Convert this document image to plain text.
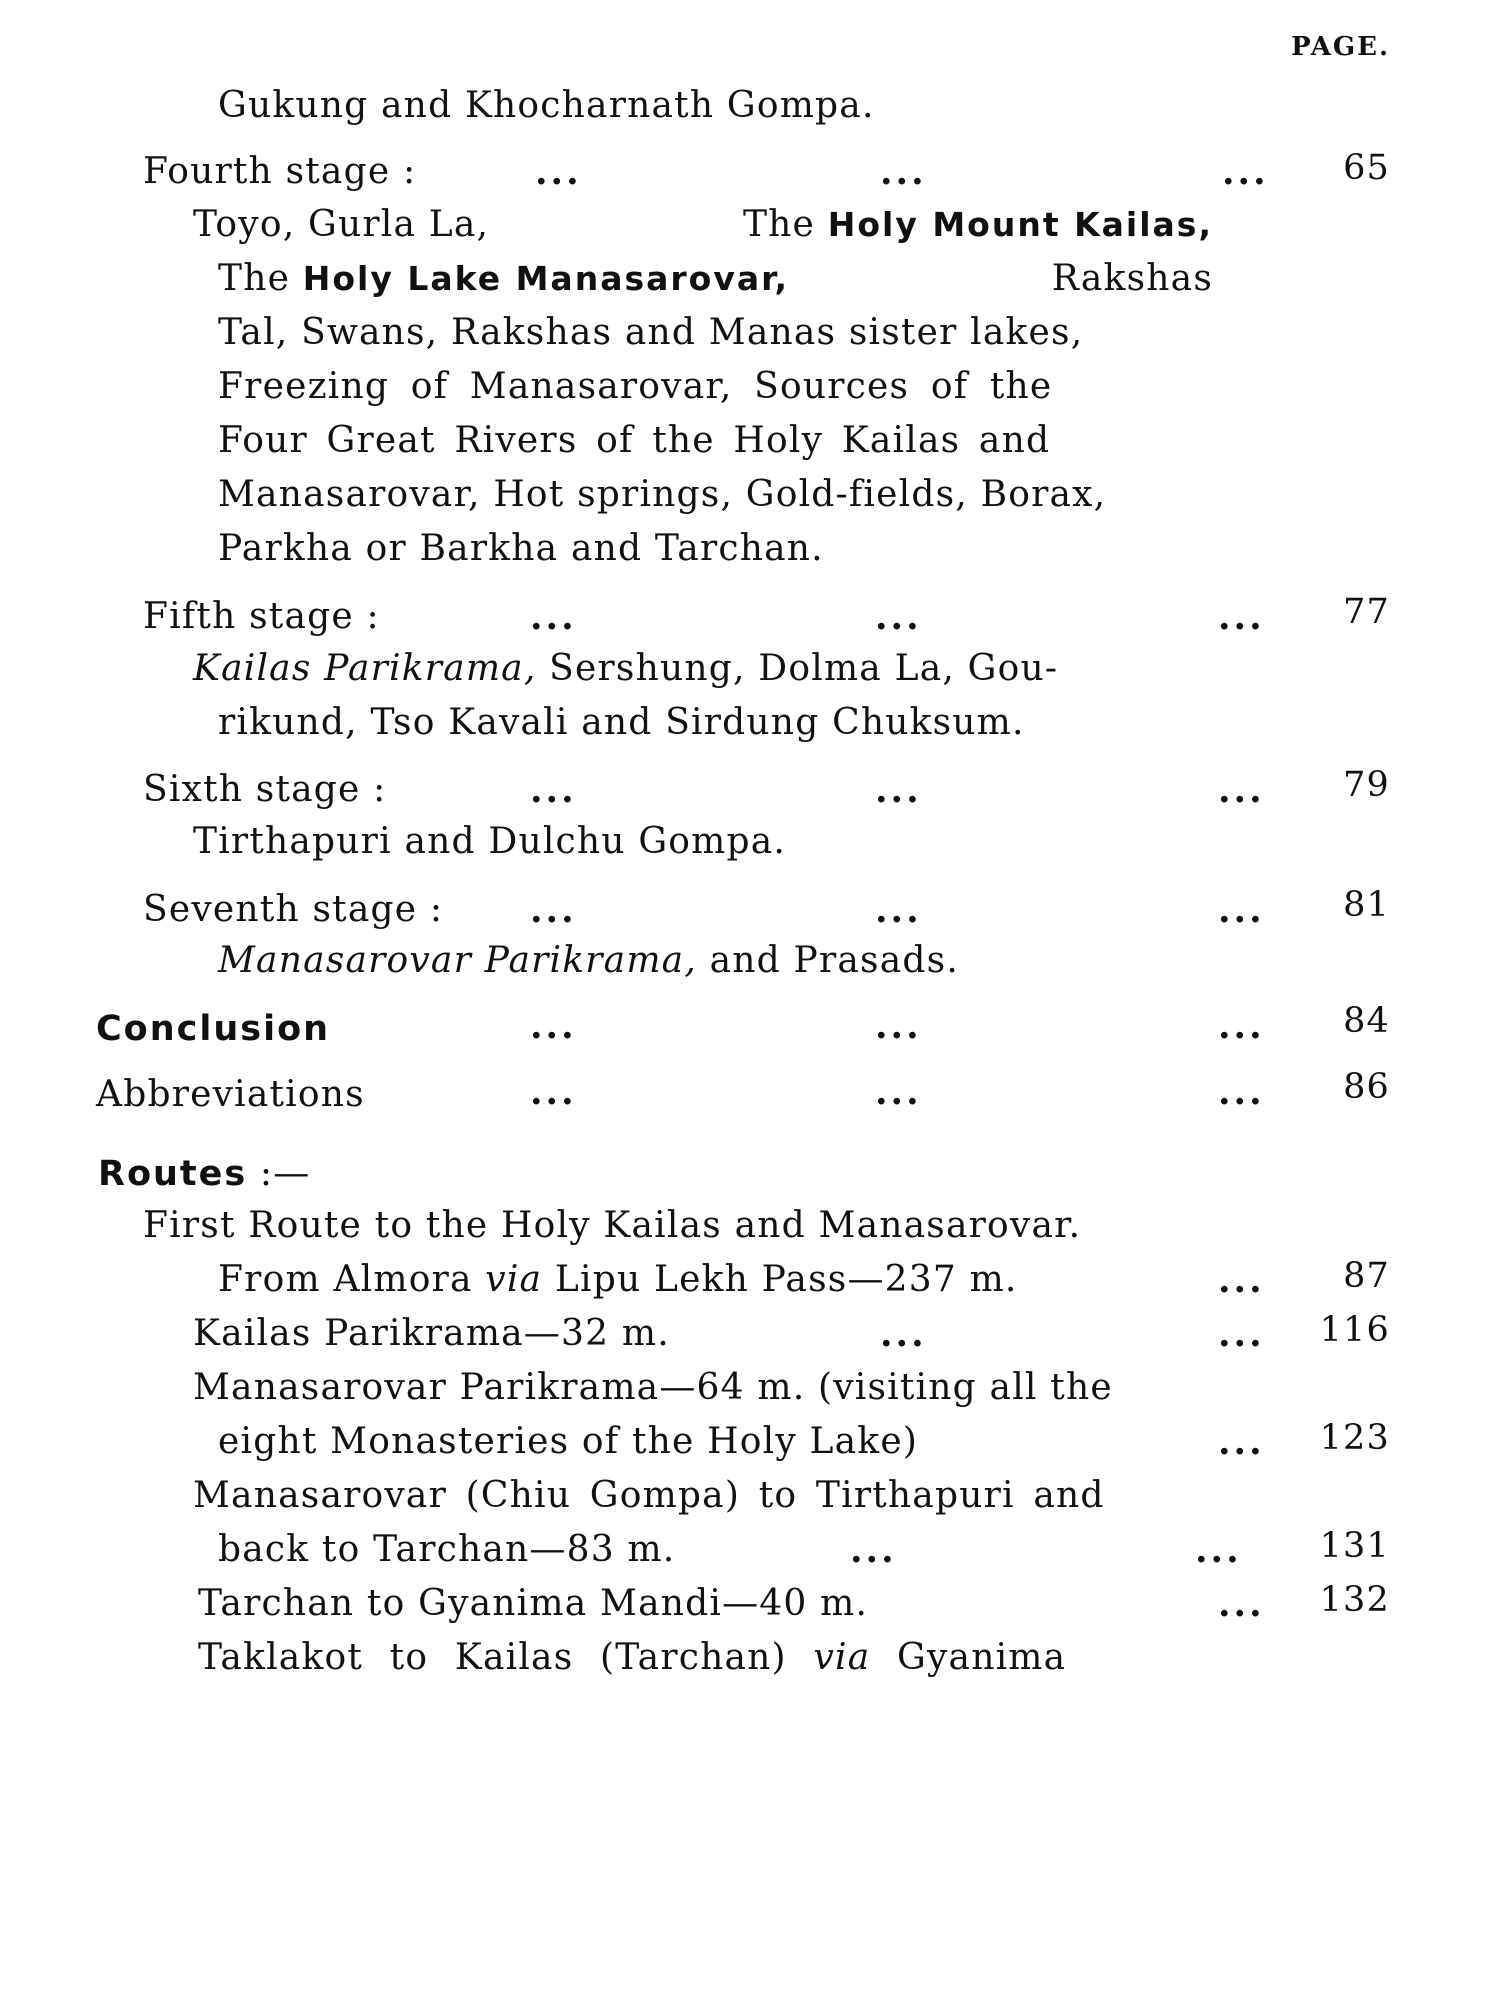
PAGE.
Gukung and Khocharnath Gompa.
Fourth stage :	...	...	... 65
Toyo, Gurla La,	The Holy Mount Kailas,
The Holy Lake Manasarovar,	Rakshas
Tal, Swans, Rakshas and Manas sister lakes,
Freezing of Manasarovar, Sources of the
Four Great Rivers of the Holy Kailas and
Manasarovar, Hot springs, Gold-fields, Borax,
Parkha or Barkha and Tarchan.
Fifth stage :	...	...	... 77
Kailas Parikrama, Sershung, Dolma La, Gou-
rikund, Tso Kavali and Sirdung Chuksum.
Sixth stage :	...	...	... 79
Tirthapuri and Dulchu Gompa.
Seventh stage : ...	...	... 81
Manasarovar Parikrama, and Prasads.
Conclusion	...	...	... 84
Abbreviations	...	...	... 86
Routes :—
First Route to the Holy Kailas and Manasarovar.
From Almora via Lipu Lekh Pass—237 m.	... 87
Kailas Parikrama—32 m.	...	... 116
Manasarovar Parikrama—64 m. (visiting all the
eight Monasteries of the Holy Lake)	... 123
Manasarovar (Chiu Gompa) to Tirthapuri and
back to Tarchan—83 m.	...	... 131
Tarchan to Gyanima Mandi—40 m.	... 132
Taklakot to Kailas (Tarchan) via Gyanima
